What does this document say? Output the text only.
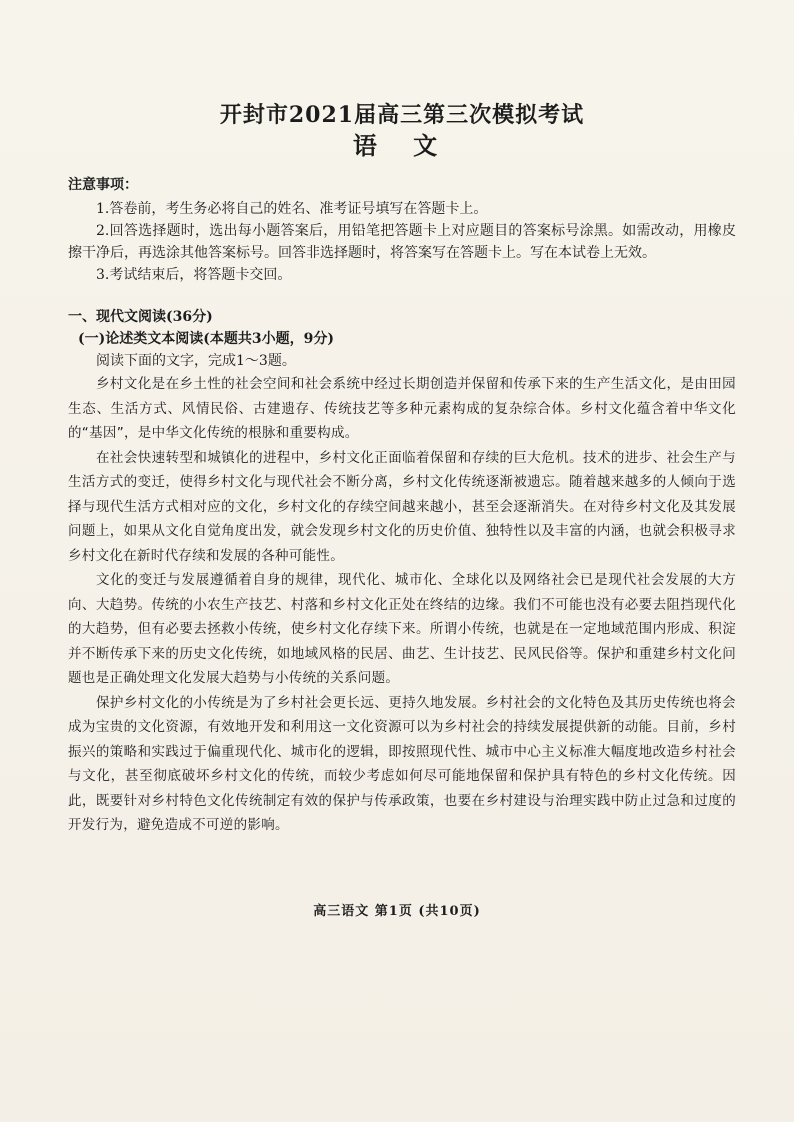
开封市2021届高三第三次模拟考试
语 文
注意事项：

1.答卷前，考生务必将自己的姓名、准考证号填写在答题卡上。

2.回答选择题时，选出每小题答案后，用铅笔把答题卡上对应题目的答案标号涂黑。如需改动，用橡皮擦干净后，再选涂其他答案标号。回答非选择题时，将答案写在答题卡上。写在本试卷上无效。

3.考试结束后，将答题卡交回。

一、现代文阅读(36分)
(一)论述类文本阅读(本题共3小题，9分)

阅读下面的文字，完成1～3题。

乡村文化是在乡土性的社会空间和社会系统中经过长期创造并保留和传承下来的生产生活文化，是由田园生态、生活方式、风情民俗、古建遗存、传统技艺等多种元素构成的复杂综合体。乡村文化蕴含着中华文化的“基因”，是中华文化传统的根脉和重要构成。

在社会快速转型和城镇化的进程中，乡村文化正面临着保留和存续的巨大危机。技术的进步、社会生产与生活方式的变迁，使得乡村文化与现代社会不断分离，乡村文化传统逐渐被遗忘。随着越来越多的人倾向于选择与现代生活方式相对应的文化，乡村文化的存续空间越来越小，甚至会逐渐消失。在对待乡村文化及其发展问题上，如果从文化自觉角度出发，就会发现乡村文化的历史价值、独特性以及丰富的内涵，也就会积极寻求乡村文化在新时代存续和发展的各种可能性。

文化的变迁与发展遵循着自身的规律，现代化、城市化、全球化以及网络社会已是现代社会发展的大方向、大趋势。传统的小农生产技艺、村落和乡村文化正处在终结的边缘。我们不可能也没有必要去阻挡现代化的大趋势，但有必要去拯救小传统，使乡村文化存续下来。所谓小传统，也就是在一定地域范围内形成、积淀并不断传承下来的历史文化传统，如地域风格的民居、曲艺、生计技艺、民风民俗等。保护和重建乡村文化问题也是正确处理文化发展大趋势与小传统的关系问题。

保护乡村文化的小传统是为了乡村社会更长远、更持久地发展。乡村社会的文化特色及其历史传统也将会成为宝贵的文化资源，有效地开发和利用这一文化资源可以为乡村社会的持续发展提供新的动能。目前，乡村振兴的策略和实践过于偏重现代化、城市化的逻辑，即按照现代性、城市中心主义标准大幅度地改造乡村社会与文化，甚至彻底破坏乡村文化的传统，而较少考虑如何尽可能地保留和保护具有特色的乡村文化传统。因此，既要针对乡村特色文化传统制定有效的保护与传承政策，也要在乡村建设与治理实践中防止过急和过度的开发行为，避免造成不可逆的影响。

高三语文 第1页 (共10页)
